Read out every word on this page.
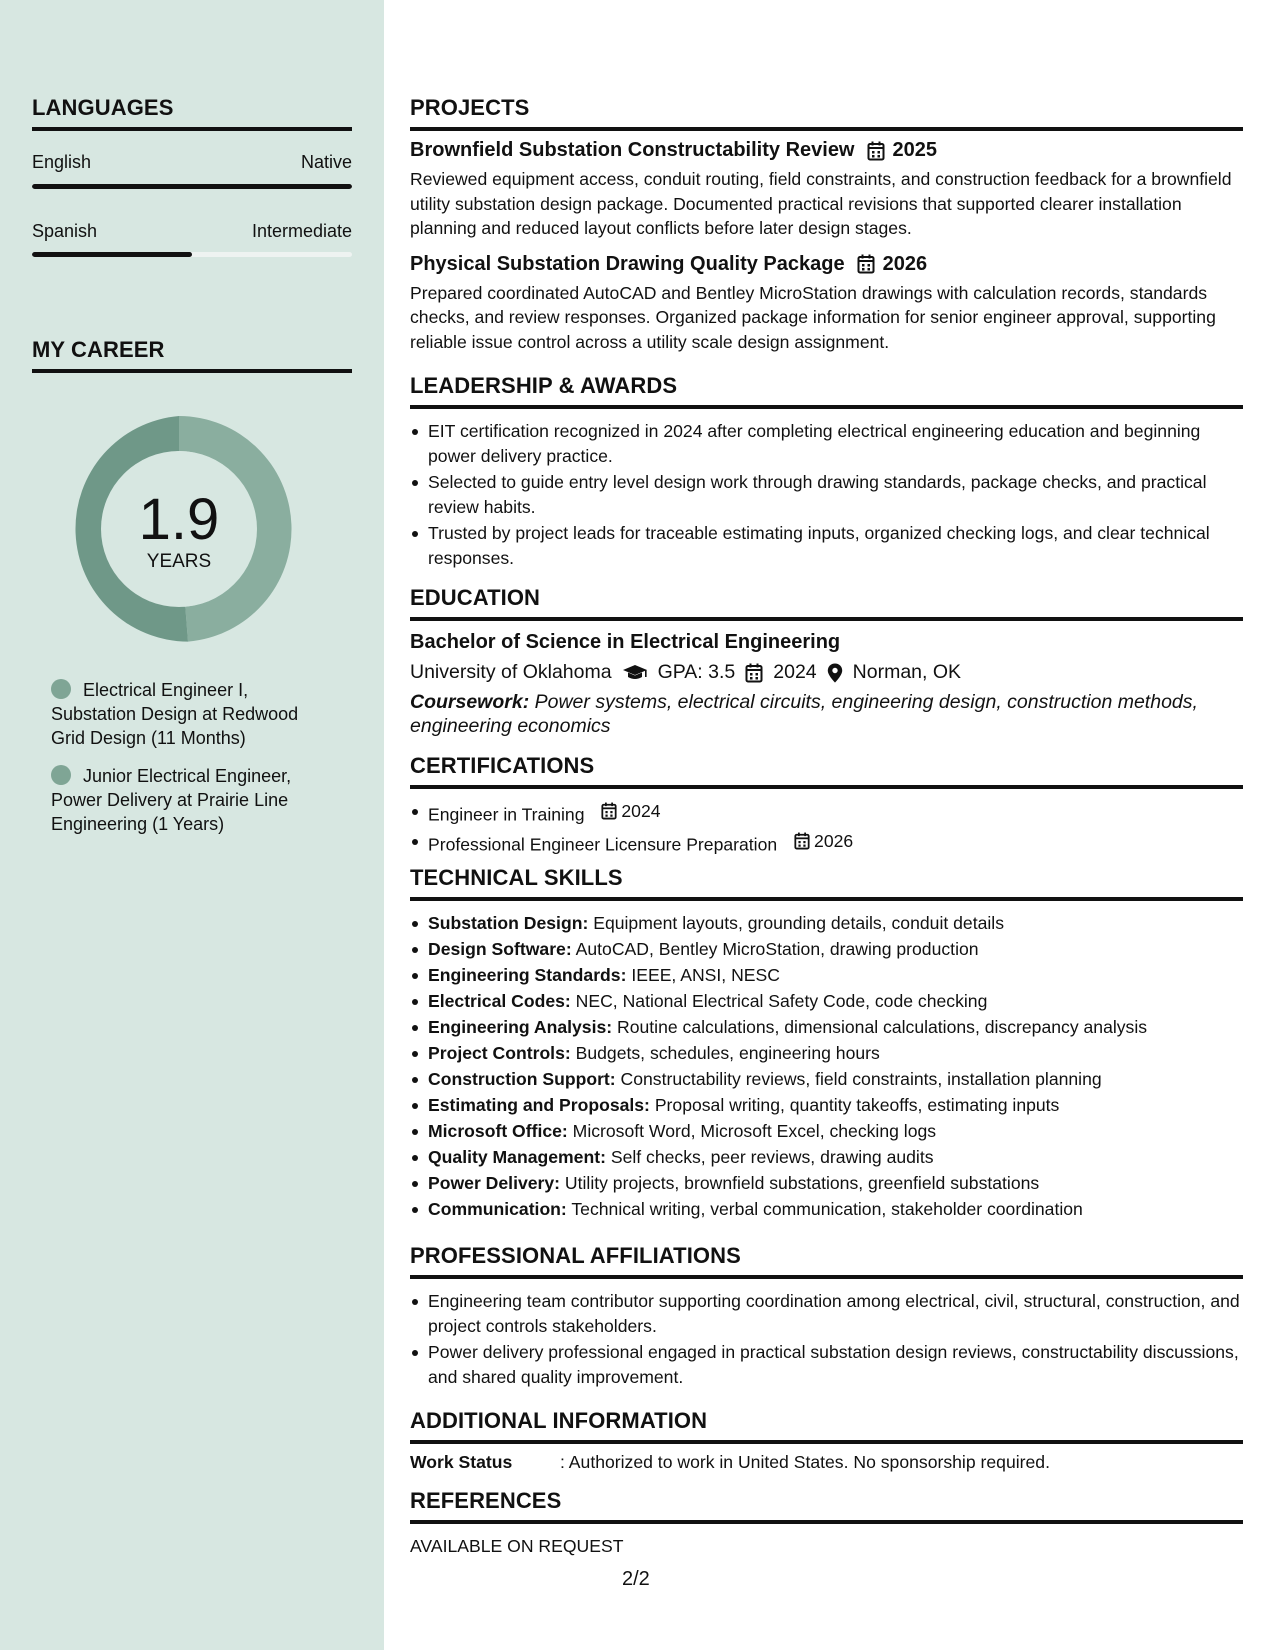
LANGUAGES
English	Native
Spanish	Intermediate
MY CAREER
1.9
YEARS
Electrical Engineer I, Substation Design at Redwood Grid Design (11 Months)
Junior Electrical Engineer, Power Delivery at Prairie Line Engineering (1 Years)
PROJECTS
Brownfield Substation Constructability Review 2025
Reviewed equipment access, conduit routing, field constraints, and construction feedback for a brownfield utility substation design package. Documented practical revisions that supported clearer installation planning and reduced layout conflicts before later design stages.
Physical Substation Drawing Quality Package 2026
Prepared coordinated AutoCAD and Bentley MicroStation drawings with calculation records, standards checks, and review responses. Organized package information for senior engineer approval, supporting reliable issue control across a utility scale design assignment.
LEADERSHIP & AWARDS
EIT certification recognized in 2024 after completing electrical engineering education and beginning power delivery practice.
Selected to guide entry level design work through drawing standards, package checks, and practical review habits.
Trusted by project leads for traceable estimating inputs, organized checking logs, and clear technical responses.
EDUCATION
Bachelor of Science in Electrical Engineering
University of Oklahoma GPA: 3.5 2024 Norman, OK
Coursework: Power systems, electrical circuits, engineering design, construction methods, engineering economics
CERTIFICATIONS
Engineer in Training 2024
Professional Engineer Licensure Preparation 2026
TECHNICAL SKILLS
Substation Design: Equipment layouts, grounding details, conduit details
Design Software: AutoCAD, Bentley MicroStation, drawing production
Engineering Standards: IEEE, ANSI, NESC
Electrical Codes: NEC, National Electrical Safety Code, code checking
Engineering Analysis: Routine calculations, dimensional calculations, discrepancy analysis
Project Controls: Budgets, schedules, engineering hours
Construction Support: Constructability reviews, field constraints, installation planning
Estimating and Proposals: Proposal writing, quantity takeoffs, estimating inputs
Microsoft Office: Microsoft Word, Microsoft Excel, checking logs
Quality Management: Self checks, peer reviews, drawing audits
Power Delivery: Utility projects, brownfield substations, greenfield substations
Communication: Technical writing, verbal communication, stakeholder coordination
PROFESSIONAL AFFILIATIONS
Engineering team contributor supporting coordination among electrical, civil, structural, construction, and project controls stakeholders.
Power delivery professional engaged in practical substation design reviews, constructability discussions, and shared quality improvement.
ADDITIONAL INFORMATION
Work Status	: Authorized to work in United States. No sponsorship required.
REFERENCES
AVAILABLE ON REQUEST
2/2
